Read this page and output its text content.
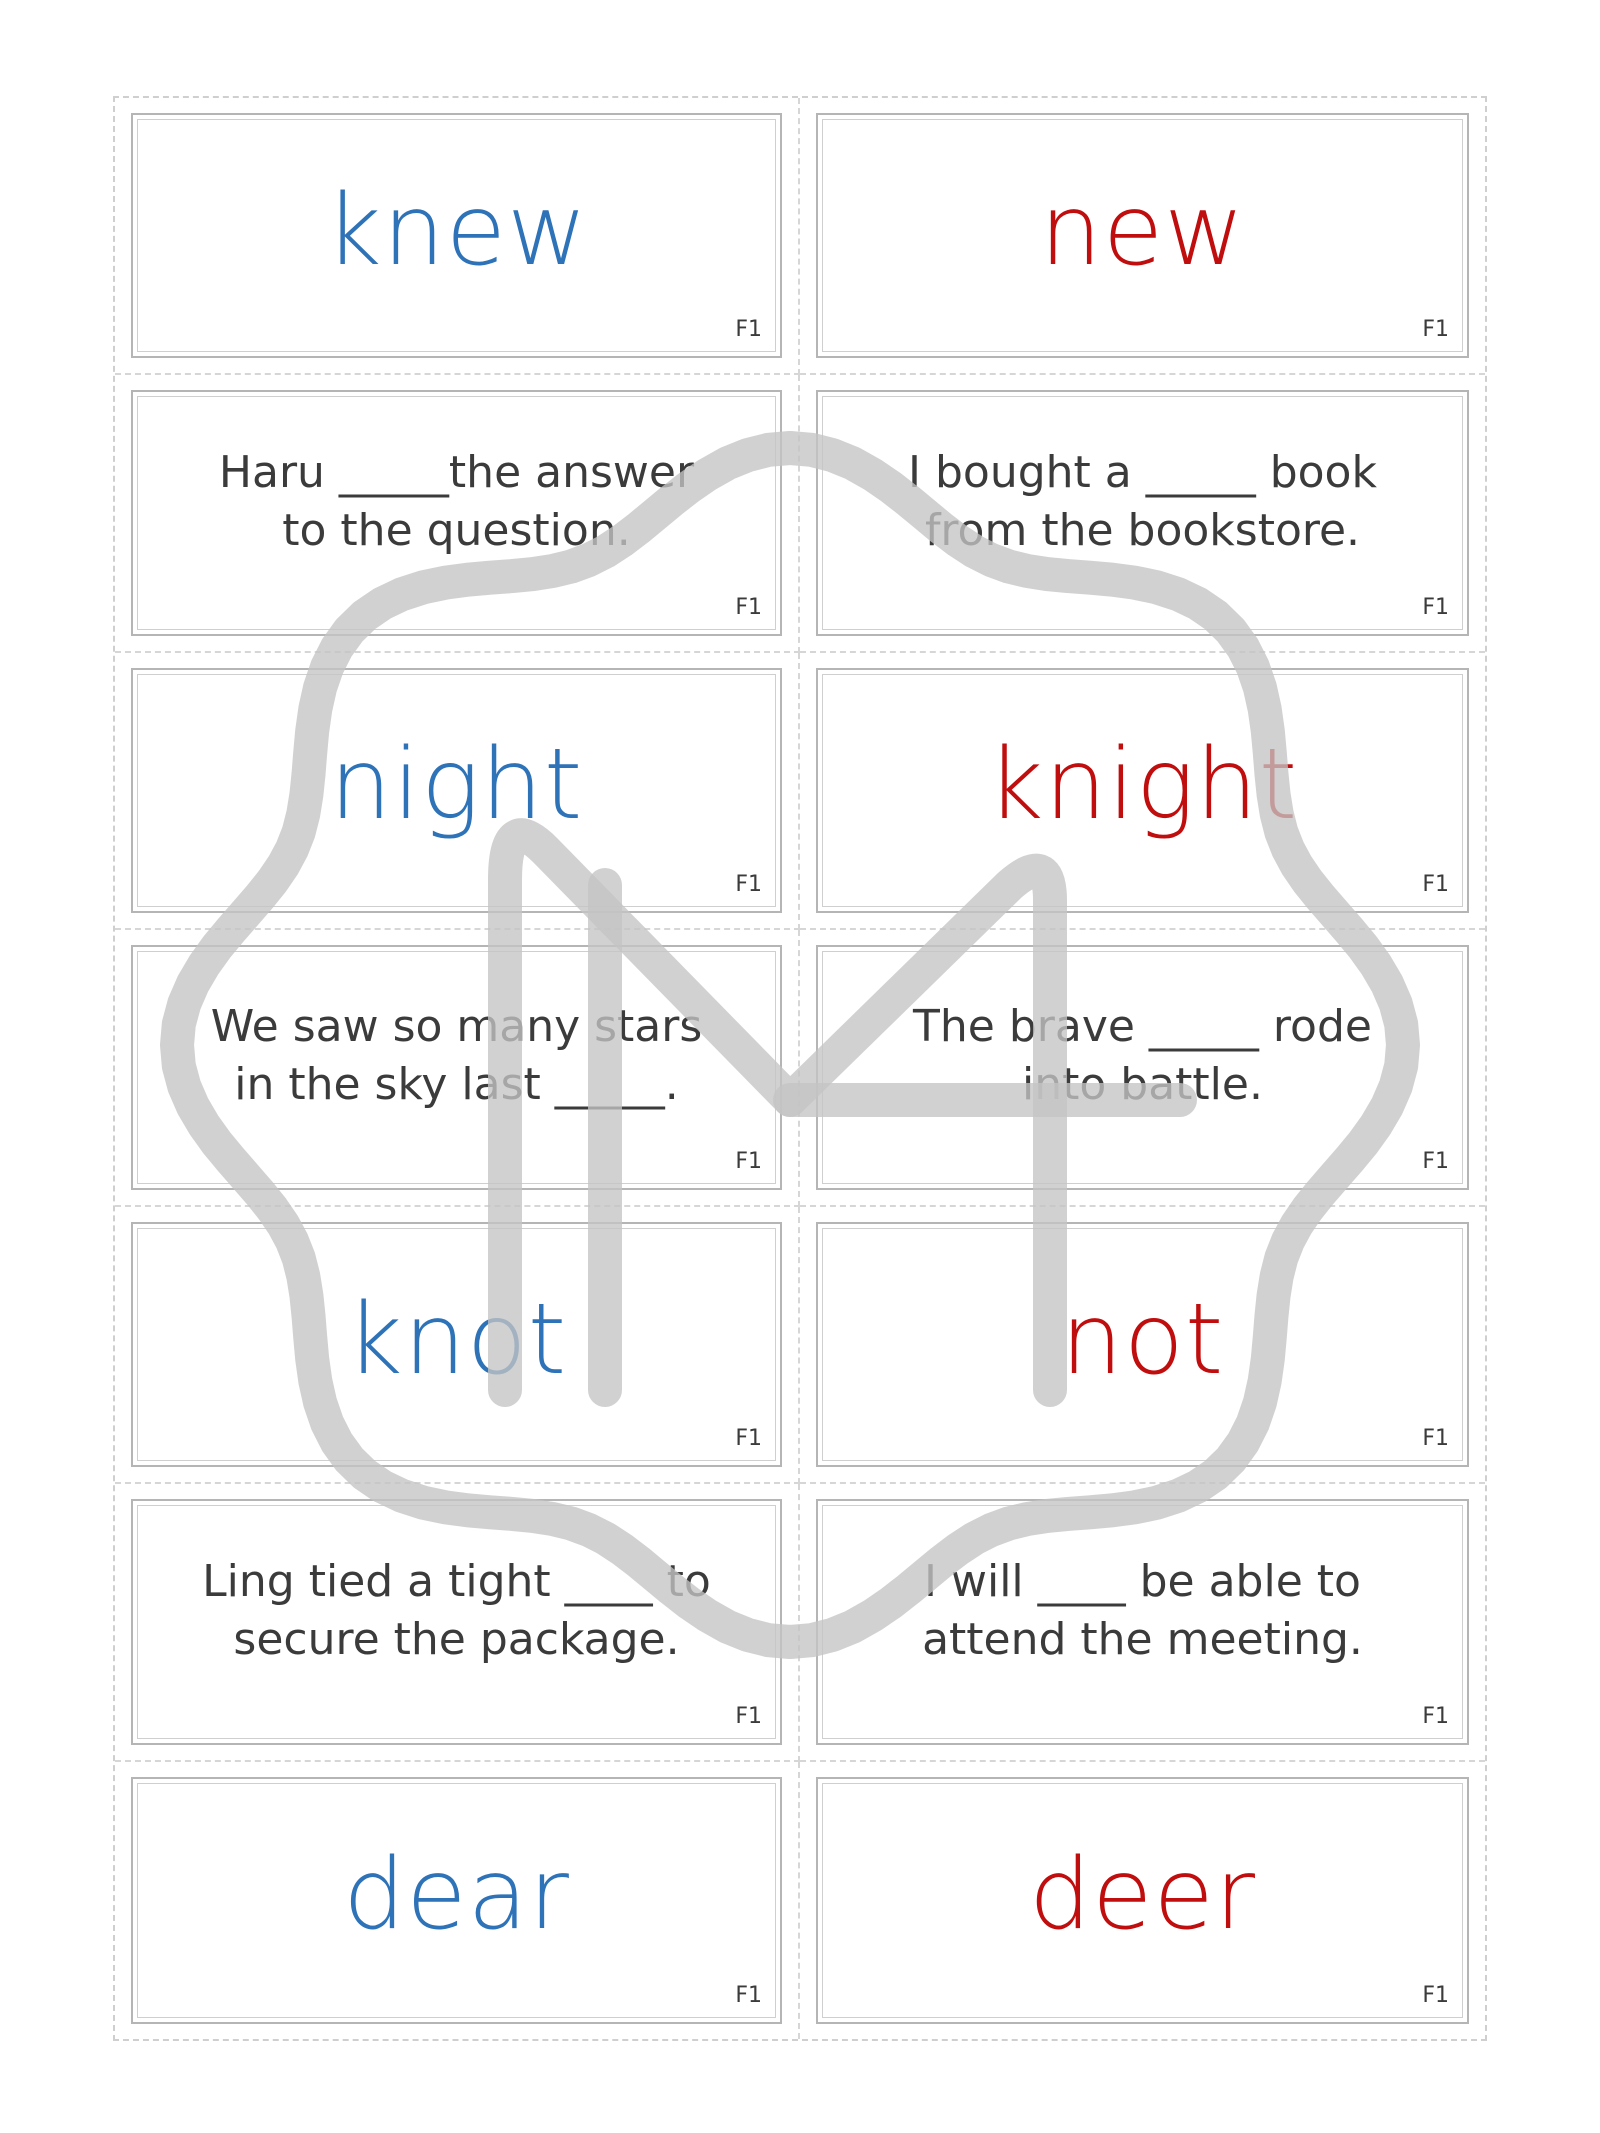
knew
F1
new
F1
Haru _____the answer
to the question.
F1
I bought a _____ book
from the bookstore.
F1
night
F1
knight
F1
We saw so many stars
in the sky last _____.
F1
The brave _____ rode
into battle.
F1
knot
F1
not
F1
Ling tied a tight ____ to
secure the package.
F1
I will ____ be able to
attend the meeting.
F1
dear
F1
deer
F1
